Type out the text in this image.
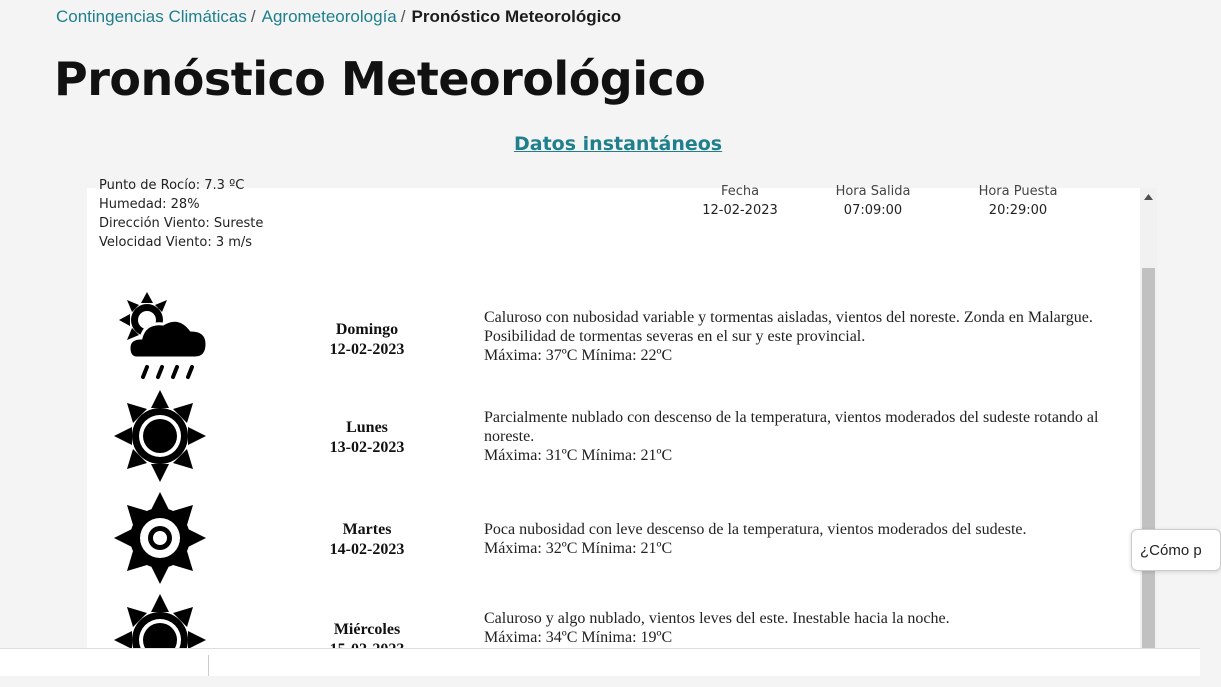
Contingencias Climáticas / Agrometeorología / Pronóstico Meteorológico
Pronóstico Meteorológico
Datos instantáneos
Punto de Rocío: 7.3 ºC
Humedad: 28%
Dirección Viento: Sureste
Velocidad Viento: 3 m/s
Fecha
12-02-2023
Hora Salida
07:09:00
Hora Puesta
20:29:00
Domingo
12-02-2023
Caluroso con nubosidad variable y tormentas aisladas, vientos del noreste. Zonda en Malargue. Posibilidad de tormentas severas en el sur y este provincial.
Máxima: 37ºC Mínima: 22ºC
Lunes
13-02-2023
Parcialmente nublado con descenso de la temperatura, vientos moderados del sudeste rotando al noreste.
Máxima: 31ºC Mínima: 21ºC
Martes
14-02-2023
Poca nubosidad con leve descenso de la temperatura, vientos moderados del sudeste.
Máxima: 32ºC Mínima: 21ºC
Miércoles
Caluroso y algo nublado, vientos leves del este. Inestable hacia la noche.
Máxima: 34ºC Mínima: 19ºC
¿Cómo p
